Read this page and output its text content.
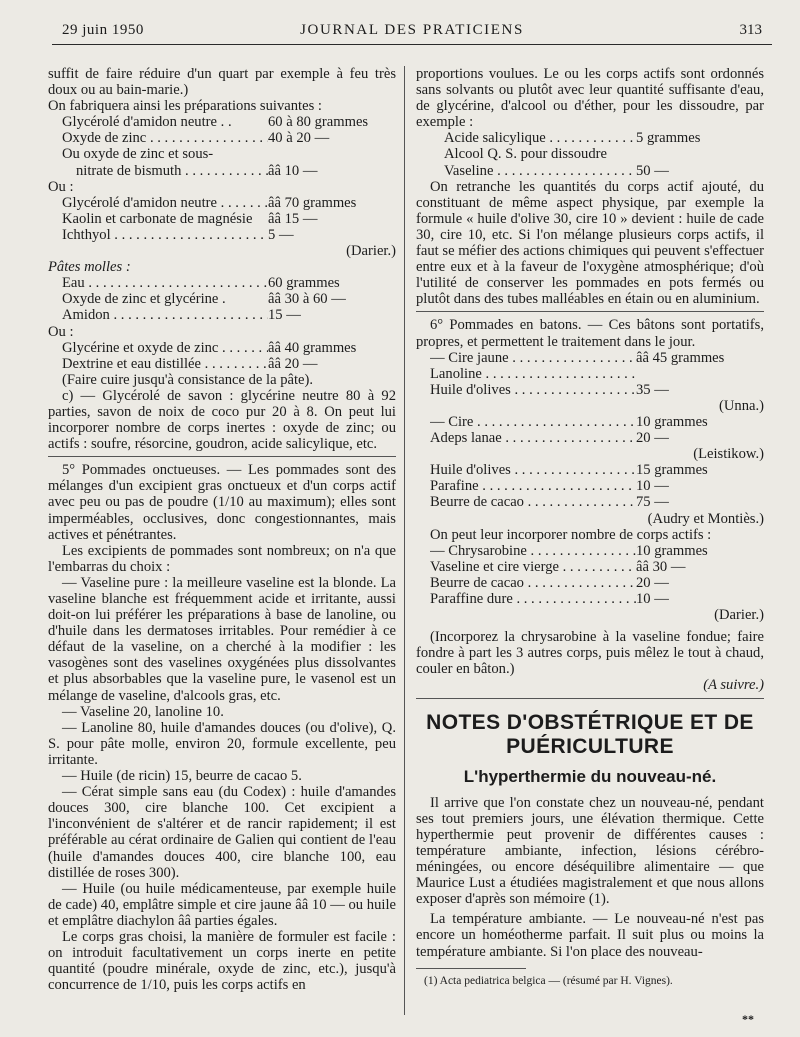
29 juin 1950	JOURNAL DES PRATICIENS	313

suffit de faire réduire d'un quart par exemple à feu très doux ou au bain-marie.)

On fabriquera ainsi les préparations suivantes :

Glycérolé d'amidon neutre . .	60 à 80 grammes
Oxyde de zinc . . .	40 à 20 —
Ou oxyde de zinc et sous-
nitrate de bismuth . . .	ââ 10 —

Ou :

Glycérolé d'amidon neutre . . .	ââ 70 grammes
Kaolin et carbonate de magnésie	ââ 15 —
Ichthyol . . .	5 —

(Darier.)

Pâtes molles :

Eau . . .	60 grammes
Oxyde de zinc et glycérine .	ââ 30 à 60 —
Amidon . . .	15 —

Ou :

Glycérine et oxyde de zinc . . .	ââ 40 grammes
Dextrine et eau distillée . . .	ââ 20 —

(Faire cuire jusqu'à consistance de la pâte).

c) — Glycérolé de savon : glycérine neutre 80 à 92 parties, savon de noix de coco pur 20 à 8. On peut lui incorporer nombre de corps inertes : oxyde de zinc; ou actifs : soufre, résorcine, goudron, acide salicylique, etc.

5° Pommades onctueuses. — Les pommades sont des mélanges d'un excipient gras onctueux et d'un corps actif avec peu ou pas de poudre (1/10 au maximum); elles sont imperméables, occlusives, donc congestionnantes, mais actives et pénétrantes.

Les excipients de pommades sont nombreux; on n'a que l'embarras du choix :

— Vaseline pure : la meilleure vaseline est la blonde. La vaseline blanche est fréquemment acide et irritante, aussi doit-on lui préférer les préparations à base de lanoline, ou d'huile dans les dermatoses irritables. Pour remédier à ce défaut de la vaseline, on a cherché à la modifier : les vasogènes sont des vaselines oxygénées plus dissolvantes et plus absorbables que la vaseline pure, le vasenol est un mélange de vaseline, d'alcools gras, etc.

— Vaseline 20, lanoline 10.

— Lanoline 80, huile d'amandes douces (ou d'olive), Q. S. pour pâte molle, environ 20, formule excellente, peu irritante.

— Huile (de ricin) 15, beurre de cacao 5.

— Cérat simple sans eau (du Codex) : huile d'amandes douces 300, cire blanche 100. Cet excipient a l'inconvénient de s'altérer et de rancir rapidement; il est préférable au cérat ordinaire de Galien qui contient de l'eau (huile d'amandes douces 400, cire blanche 100, eau distillée de roses 300).

— Huile (ou huile médicamenteuse, par exemple huile de cade) 40, emplâtre simple et cire jaune ââ 10 — ou huile et emplâtre diachylon ââ parties égales.

Le corps gras choisi, la manière de formuler est facile : on introduit facultativement un corps inerte en petite quantité (poudre minérale, oxyde de zinc, etc.), jusqu'à concurrence de 1/10, puis les corps actifs en

proportions voulues. Le ou les corps actifs sont ordonnés sans solvants ou plutôt avec leur quantité suffisante d'eau, de glycérine, d'alcool ou d'éther, pour les dissoudre, par exemple :

Acide salicylique . . .	5 grammes
Alcool Q. S. pour dissoudre
Vaseline . . .	50 —

On retranche les quantités du corps actif ajouté, du constituant de même aspect physique, par exemple la formule « huile d'olive 30, cire 10 » devient : huile de cade 30, cire 10, etc. Si l'on mélange plusieurs corps actifs, il faut se méfier des actions chimiques qui peuvent s'effectuer entre eux et à la faveur de l'oxygène atmosphérique; d'où l'utilité de conserver les pommades en pots fermés ou plutôt dans des tubes malléables en étain ou en aluminium.

6° Pommades en batons. — Ces bâtons sont portatifs, propres, et permettent le traitement dans le jour.

— Cire jaune . . .	ââ 45 grammes
Lanoline . . .
Huile d'olives . . .	35 —

(Unna.)

— Cire . . .	10 grammes
Adeps lanae . . .	20 —

(Leistikow.)

Huile d'olives . . .	15 grammes
Parafine . . .	10 —
Beurre de cacao . . .	75 —

(Audry et Montiès.)

On peut leur incorporer nombre de corps actifs :

— Chrysarobine . . .	10 grammes
Vaseline et cire vierge . . .	ââ 30 —
Beurre de cacao . . .	20 —
Paraffine dure . . .	10 —

(Darier.)

(Incorporez la chrysarobine à la vaseline fondue; faire fondre à part les 3 autres corps, puis mêlez le tout à chaud, couler en bâton.)

(A suivre.)

NOTES D'OBSTÉTRIQUE ET DE PUÉRICULTURE
L'hyperthermie du nouveau-né.

Il arrive que l'on constate chez un nouveau-né, pendant ses tout premiers jours, une élévation thermique. Cette hyperthermie peut provenir de différentes causes : température ambiante, infection, lésions cérébro-méningées, ou encore déséquilibre alimentaire — que Maurice Lust a étudiées magistralement et que nous allons exposer d'après son mémoire (1).

La température ambiante. — Le nouveau-né n'est pas encore un homéotherme parfait. Il suit plus ou moins la température ambiante. Si l'on place des nouveau-

(1) Acta pediatrica belgica — (résumé par H. Vignes).

**
